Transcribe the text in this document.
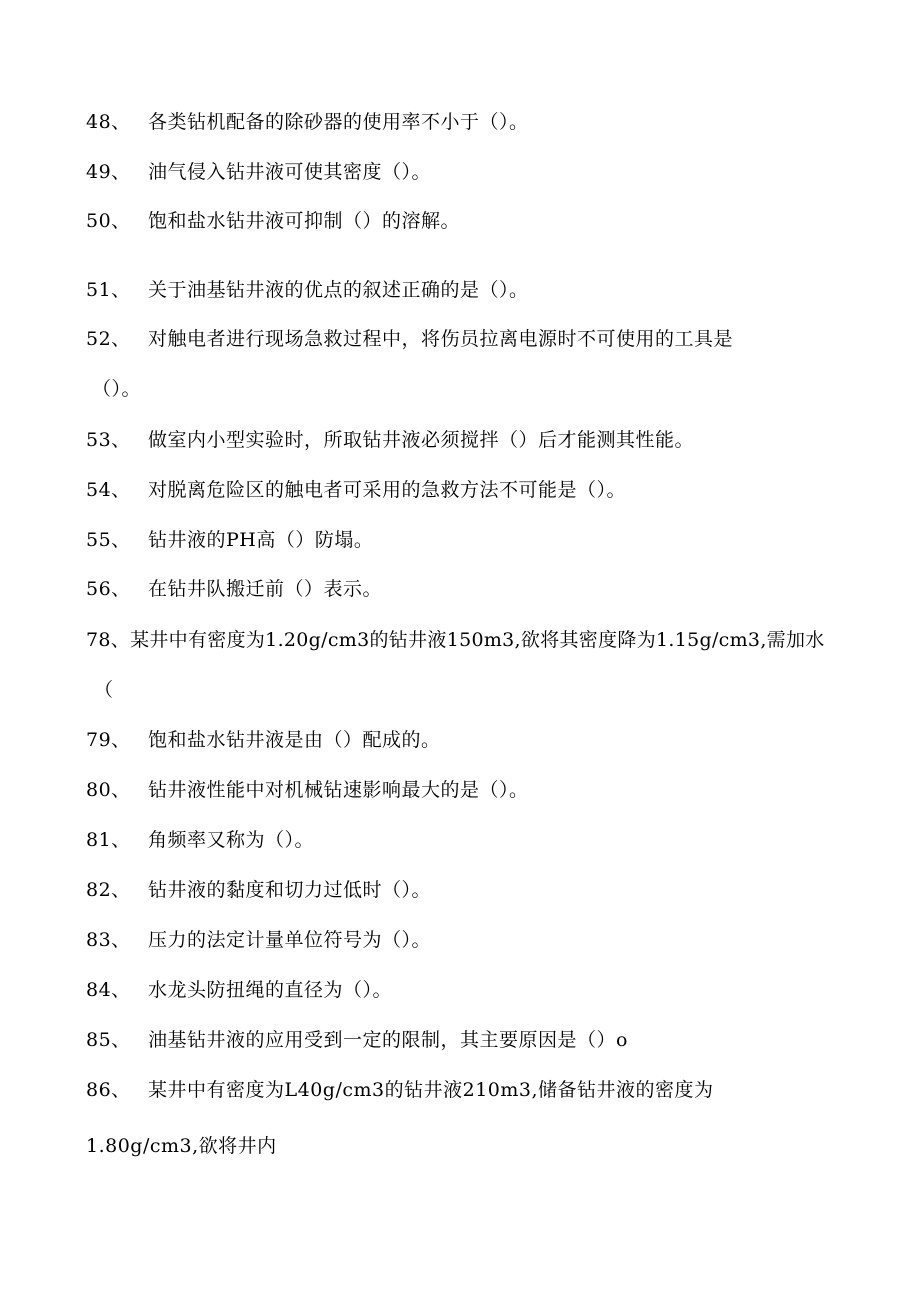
48、 各类钻机配备的除砂器的使用率不小于（）。
49、 油气侵入钻井液可使其密度（）。
50、 饱和盐水钻井液可抑制（）的溶解。
51、 关于油基钻井液的优点的叙述正确的是（）。
52、 对触电者进行现场急救过程中，将伤员拉离电源时不可使用的工具是
（）。
53、 做室内小型实验时，所取钻井液必须搅拌（）后才能测其性能。
54、 对脱离危险区的触电者可采用的急救方法不可能是（）。
55、 钻井液的PH高（）防塌。
56、 在钻井队搬迁前（）表示。
78、某井中有密度为1.20g∕cm3的钻井液150m3,欲将其密度降为1.15g∕cm3,需加水
（
79、 饱和盐水钻井液是由（）配成的。
80、 钻井液性能中对机械钻速影响最大的是（）。
81、 角频率又称为（）。
82、 钻井液的黏度和切力过低时（）。
83、 压力的法定计量单位符号为（）。
84、 水龙头防扭绳的直径为（）。
85、 油基钻井液的应用受到一定的限制，其主要原因是（）o
86、 某井中有密度为L40g∕cm3的钻井液210m3,储备钻井液的密度为
1.80g∕cm3,欲将井内
